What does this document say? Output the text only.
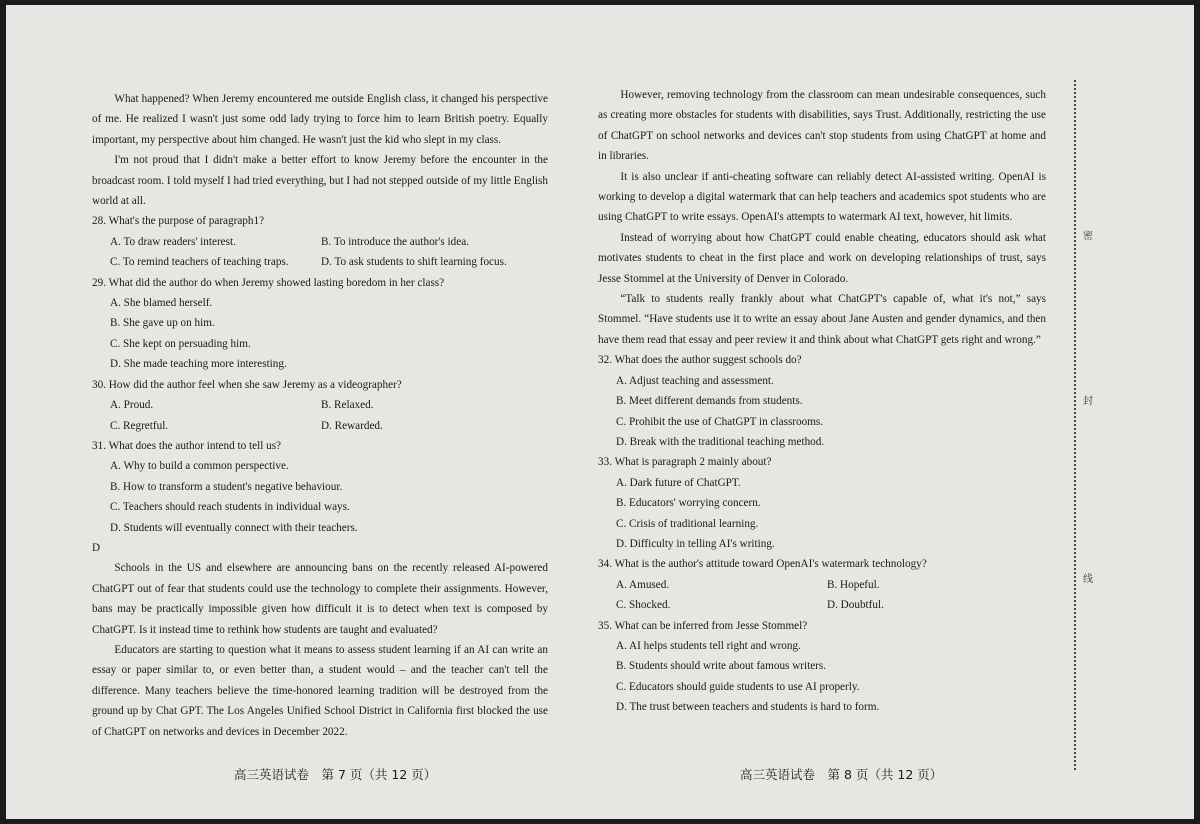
What happened? When Jeremy encountered me outside English class, it changed his perspective of me. He realized I wasn't just some odd lady trying to force him to learn British poetry. Equally important, my perspective about him changed. He wasn't just the kid who slept in my class.

I'm not proud that I didn't make a better effort to know Jeremy before the encounter in the broadcast room. I told myself I had tried everything, but I had not stepped outside of my little English world at all.

28. What's the purpose of paragraph1?
A. To draw readers' interest.	B. To introduce the author's idea.
C. To remind teachers of teaching traps.	D. To ask students to shift learning focus.
29. What did the author do when Jeremy showed lasting boredom in her class?
A. She blamed herself.
B. She gave up on him.
C. She kept on persuading him.
D. She made teaching more interesting.
30. How did the author feel when she saw Jeremy as a videographer?
A. Proud.	B. Relaxed.
C. Regretful.	D. Rewarded.
31. What does the author intend to tell us?
A. Why to build a common perspective.
B. How to transform a student's negative behaviour.
C. Teachers should reach students in individual ways.
D. Students will eventually connect with their teachers.

D

Schools in the US and elsewhere are announcing bans on the recently released AI-powered ChatGPT out of fear that students could use the technology to complete their assignments. However, bans may be practically impossible given how difficult it is to detect when text is composed by ChatGPT. Is it instead time to rethink how students are taught and evaluated?

Educators are starting to question what it means to assess student learning if an AI can write an essay or paper similar to, or even better than, a student would – and the teacher can't tell the difference. Many teachers believe the time-honored learning tradition will be destroyed from the ground up by Chat GPT. The Los Angeles Unified School District in California first blocked the use of ChatGPT on networks and devices in December 2022.

高三英语试卷　第 7 页（共 12 页）

However, removing technology from the classroom can mean undesirable consequences, such as creating more obstacles for students with disabilities, says Trust. Additionally, restricting the use of ChatGPT on school networks and devices can't stop students from using ChatGPT at home and in libraries.

It is also unclear if anti-cheating software can reliably detect AI-assisted writing. OpenAI is working to develop a digital watermark that can help teachers and academics spot students who are using ChatGPT to write essays. OpenAI's attempts to watermark AI text, however, hit limits.

Instead of worrying about how ChatGPT could enable cheating, educators should ask what motivates students to cheat in the first place and work on developing relationships of trust, says Jesse Stommel at the University of Denver in Colorado.

“Talk to students really frankly about what ChatGPT's capable of, what it's not,” says Stommel. “Have students use it to write an essay about Jane Austen and gender dynamics, and then have them read that essay and peer review it and think about what ChatGPT gets right and wrong.”

32. What does the author suggest schools do?
A. Adjust teaching and assessment.
B. Meet different demands from students.
C. Prohibit the use of ChatGPT in classrooms.
D. Break with the traditional teaching method.
33. What is paragraph 2 mainly about?
A. Dark future of ChatGPT.
B. Educators' worrying concern.
C. Crisis of traditional learning.
D. Difficulty in telling AI's writing.
34. What is the author's attitude toward OpenAI's watermark technology?
A. Amused.	B. Hopeful.
C. Shocked.	D. Doubtful.
35. What can be inferred from Jesse Stommel?
A. AI helps students tell right and wrong.
B. Students should write about famous writers.
C. Educators should guide students to use AI properly.
D. The trust between teachers and students is hard to form.
高三英语试卷　第 8 页（共 12 页）
密
封
线
